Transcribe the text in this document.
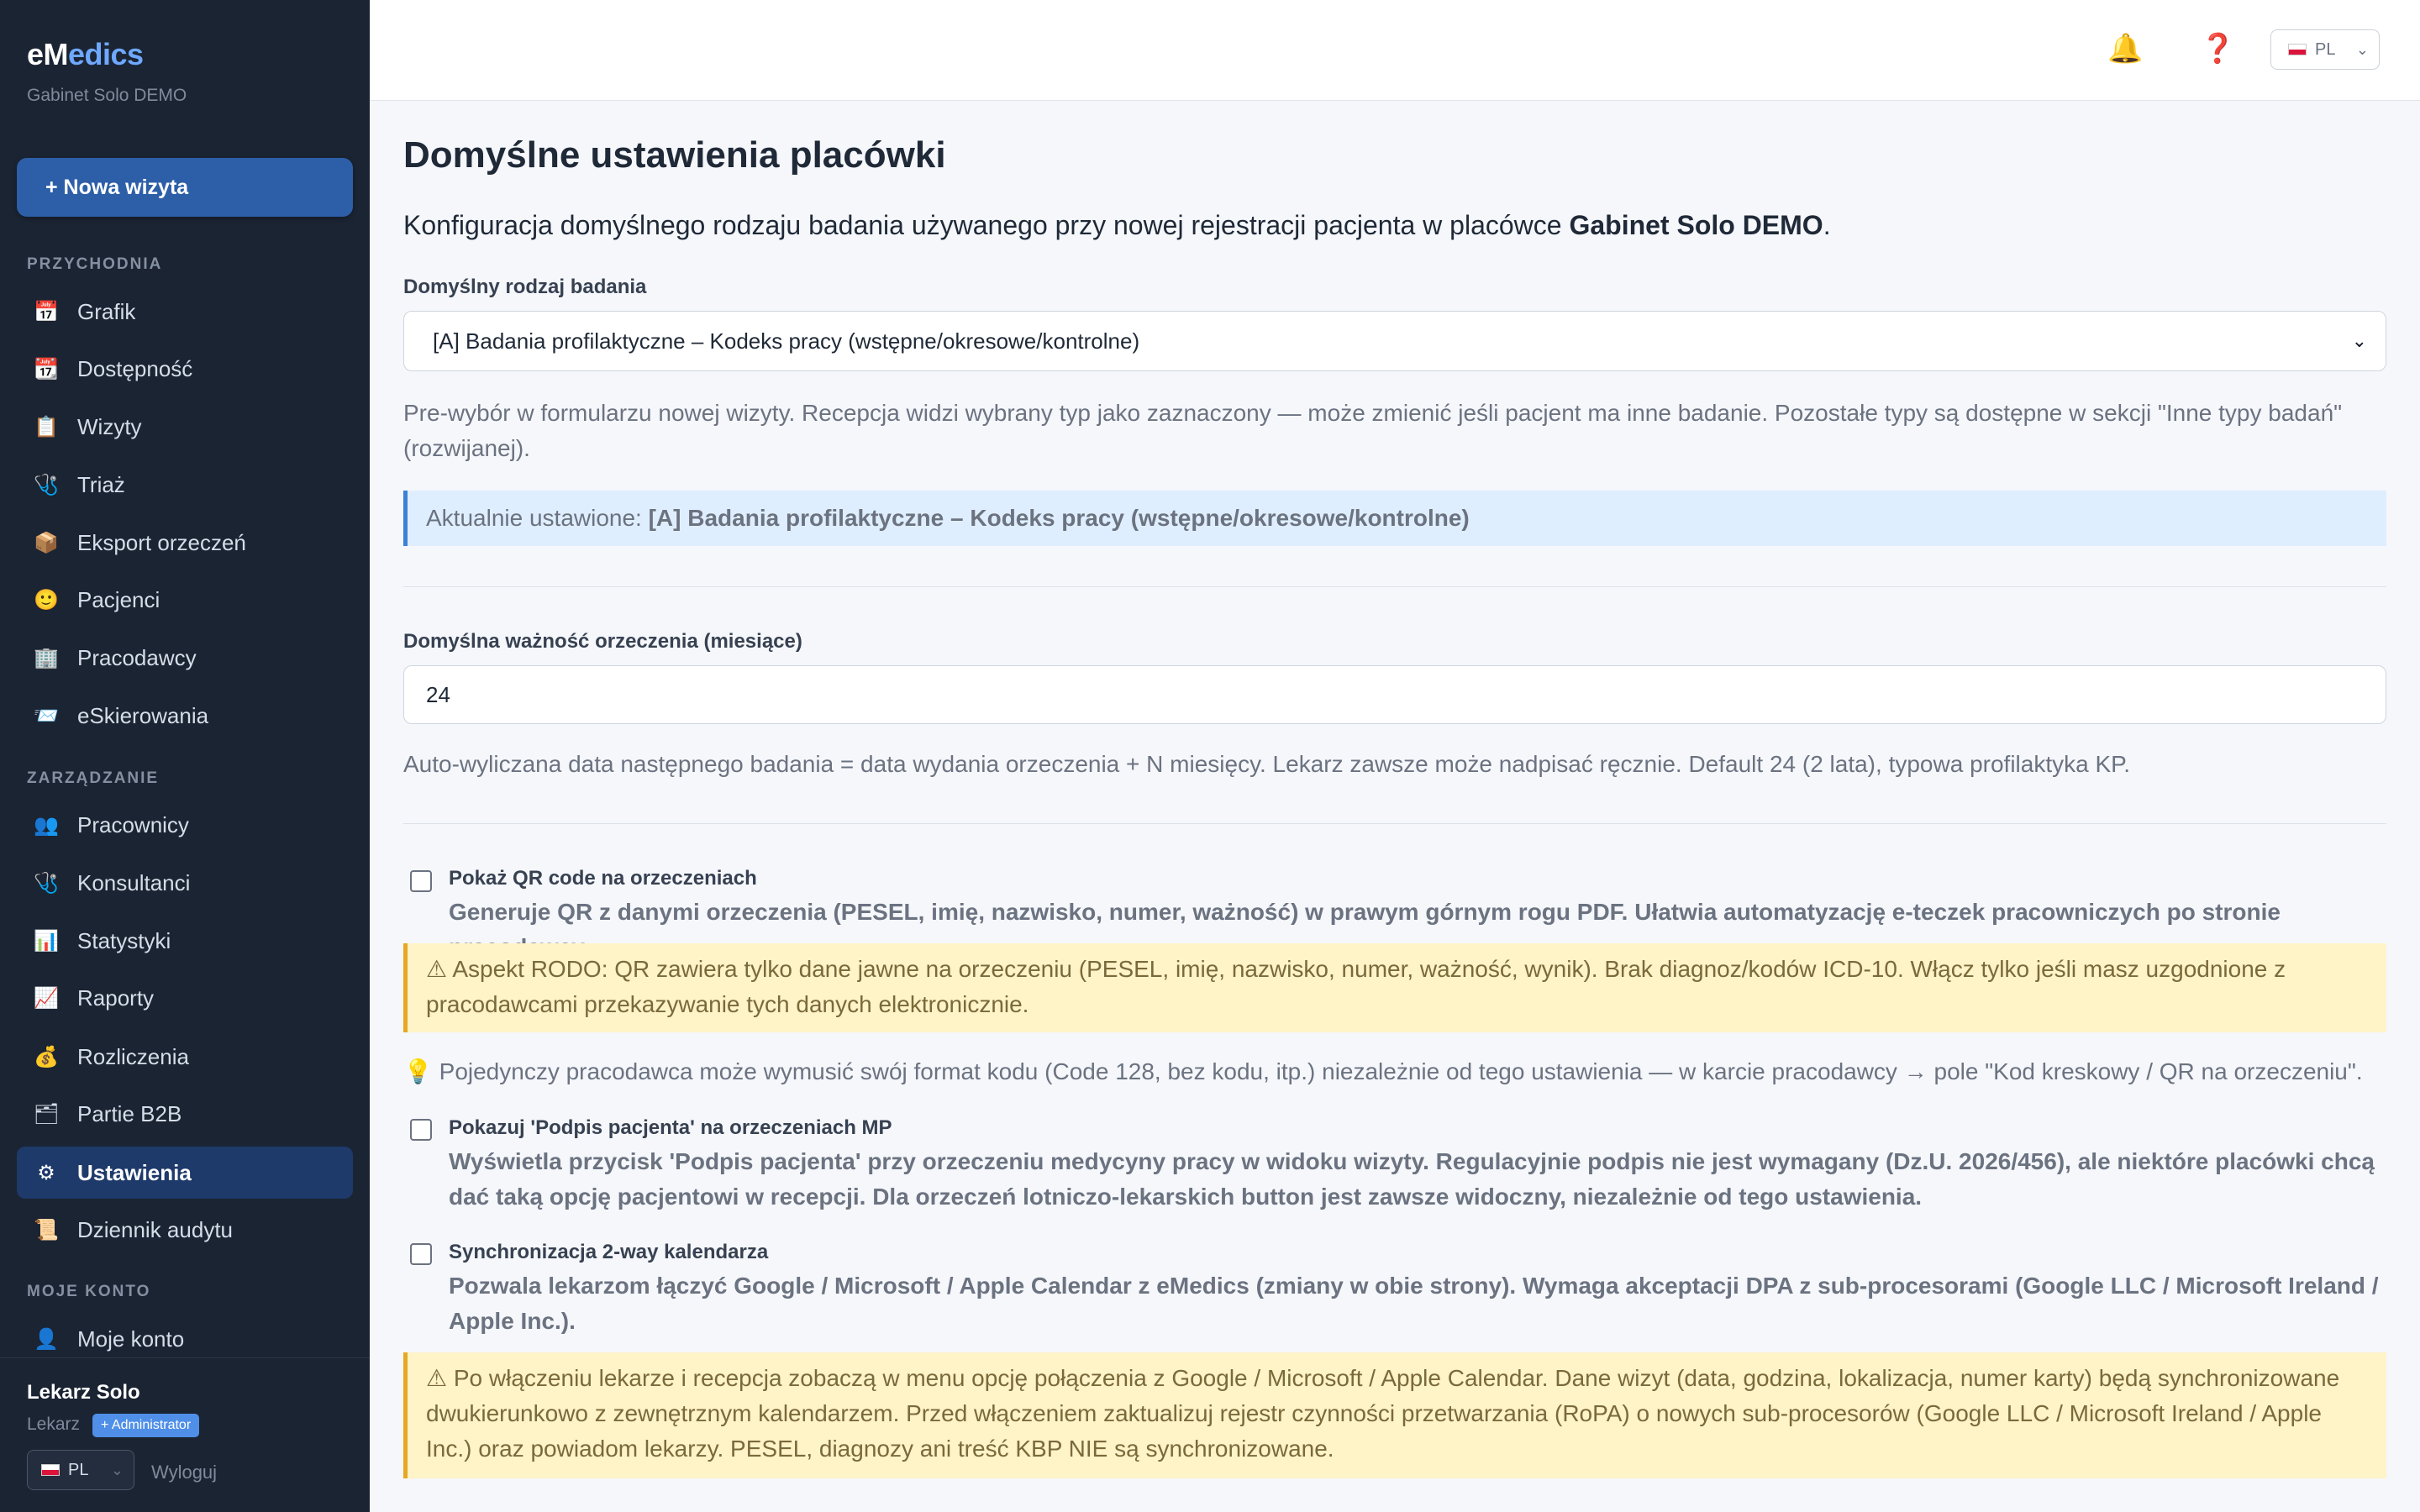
eMedics
Gabinet Solo DEMO
+ Nowa wizyta
PRZYCHODNIA
📅 Grafik
📆 Dostępność
📋 Wizyty
🩺 Triaż
📦 Eksport orzeczeń
🙂 Pacjenci
🏢 Pracodawcy
📨 eSkierowania
ZARZĄDZANIE
👥 Pracownicy
🩺 Konsultanci
📊 Statystyki
📈 Raporty
💰 Rozliczenia
🗂 Partie B2B
⚙ Ustawienia
📜 Dziennik audytu
MOJE KONTO
👤 Moje konto
Lekarz Solo
Lekarz	+ Administrator
PL ⌄ Wyloguj
🔔 ❓	PL ⌄
Domyślne ustawienia placówki
Konfiguracja domyślnego rodzaju badania używanego przy nowej rejestracji pacjenta w placówce Gabinet Solo DEMO.
Domyślny rodzaj badania
[A] Badania profilaktyczne – Kodeks pracy (wstępne/okresowe/kontrolne)	⌄
Pre-wybór w formularzu nowej wizyty. Recepcja widzi wybrany typ jako zaznaczony — może zmienić jeśli pacjent ma inne badanie. Pozostałe typy są dostępne w sekcji "Inne typy badań" (rozwijanej).
Aktualnie ustawione:
[A] Badania profilaktyczne – Kodeks pracy (wstępne/okresowe/kontrolne)
Domyślna ważność orzeczenia (miesiące)
24
Auto-wyliczana data następnego badania = data wydania orzeczenia + N miesięcy. Lekarz zawsze może nadpisać ręcznie. Default 24 (2 lata), typowa profilaktyka KP.
Pokaż QR code na orzeczeniach
Generuje QR z danymi orzeczenia (PESEL, imię, nazwisko, numer, ważność) w prawym górnym rogu PDF. Ułatwia automatyzację e-teczek pracowniczych po stronie
⚠ Aspekt RODO: QR zawiera tylko dane jawne na orzeczeniu (PESEL, imię, nazwisko, numer, ważność, wynik). Brak diagnoz/kodów ICD-10. Włącz tylko jeśli masz uzgodnione z pracodawcami przekazywanie tych danych elektronicznie.
💡 Pojedynczy pracodawca może wymusić swój format kodu (Code 128, bez kodu, itp.) niezależnie od tego ustawienia — w karcie pracodawcy → pole "Kod kreskowy / QR na orzeczeniu".
Pokazuj 'Podpis pacjenta' na orzeczeniach MP
Wyświetla przycisk 'Podpis pacjenta' przy orzeczeniu medycyny pracy w widoku wizyty. Regulacyjnie podpis nie jest wymagany (Dz.U. 2026/456), ale niektóre placówki chcą dać taką opcję pacjentowi w recepcji. Dla orzeczeń lotniczo-lekarskich button jest zawsze widoczny, niezależnie od tego ustawienia.
Synchronizacja 2-way kalendarza
Pozwala lekarzom łączyć Google / Microsoft / Apple Calendar z eMedics (zmiany w obie strony). Wymaga akceptacji DPA z sub-procesorami (Google LLC / Microsoft Ireland / Apple Inc.).
⚠ Po włączeniu lekarze i recepcja zobaczą w menu opcję połączenia z Google / Microsoft / Apple Calendar. Dane wizyt (data, godzina, lokalizacja, numer karty) będą synchronizowane dwukierunkowo z zewnętrznym kalendarzem. Przed włączeniem zaktualizuj rejestr czynności przetwarzania (RoPA) o nowych sub-procesorów (Google LLC / Microsoft Ireland / Apple Inc.) oraz powiadom lekarzy. PESEL, diagnozy ani treść KBP NIE są synchronizowane.
